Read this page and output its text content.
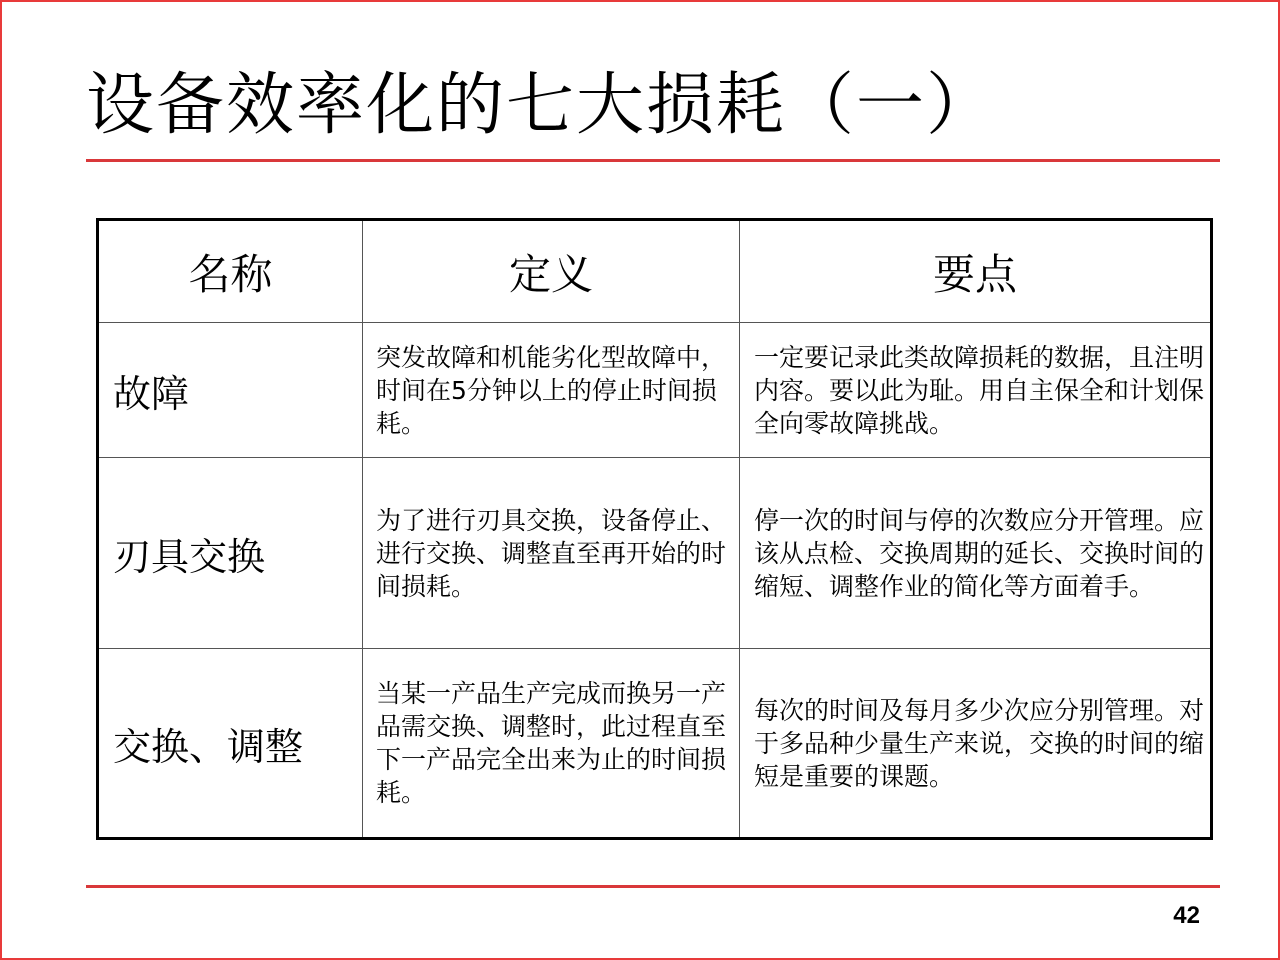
设备效率化的七大损耗（一）
名称	定义	要点
故障	突发故障和机能劣化型故障中，时间在5分钟以上的停止时间损耗。	一定要记录此类故障损耗的数据，且注明内容。要以此为耻。用自主保全和计划保全向零故障挑战。
刃具交换	为了进行刃具交换，设备停止、进行交换、调整直至再开始的时间损耗。	停一次的时间与停的次数应分开管理。应该从点检、交换周期的延长、交换时间的缩短、调整作业的简化等方面着手。
交换、调整	当某一产品生产完成而换另一产品需交换、调整时，此过程直至下一产品完全出来为止的时间损耗。	每次的时间及每月多少次应分别管理。对于多品种少量生产来说，交换的时间的缩短是重要的课题。
42
